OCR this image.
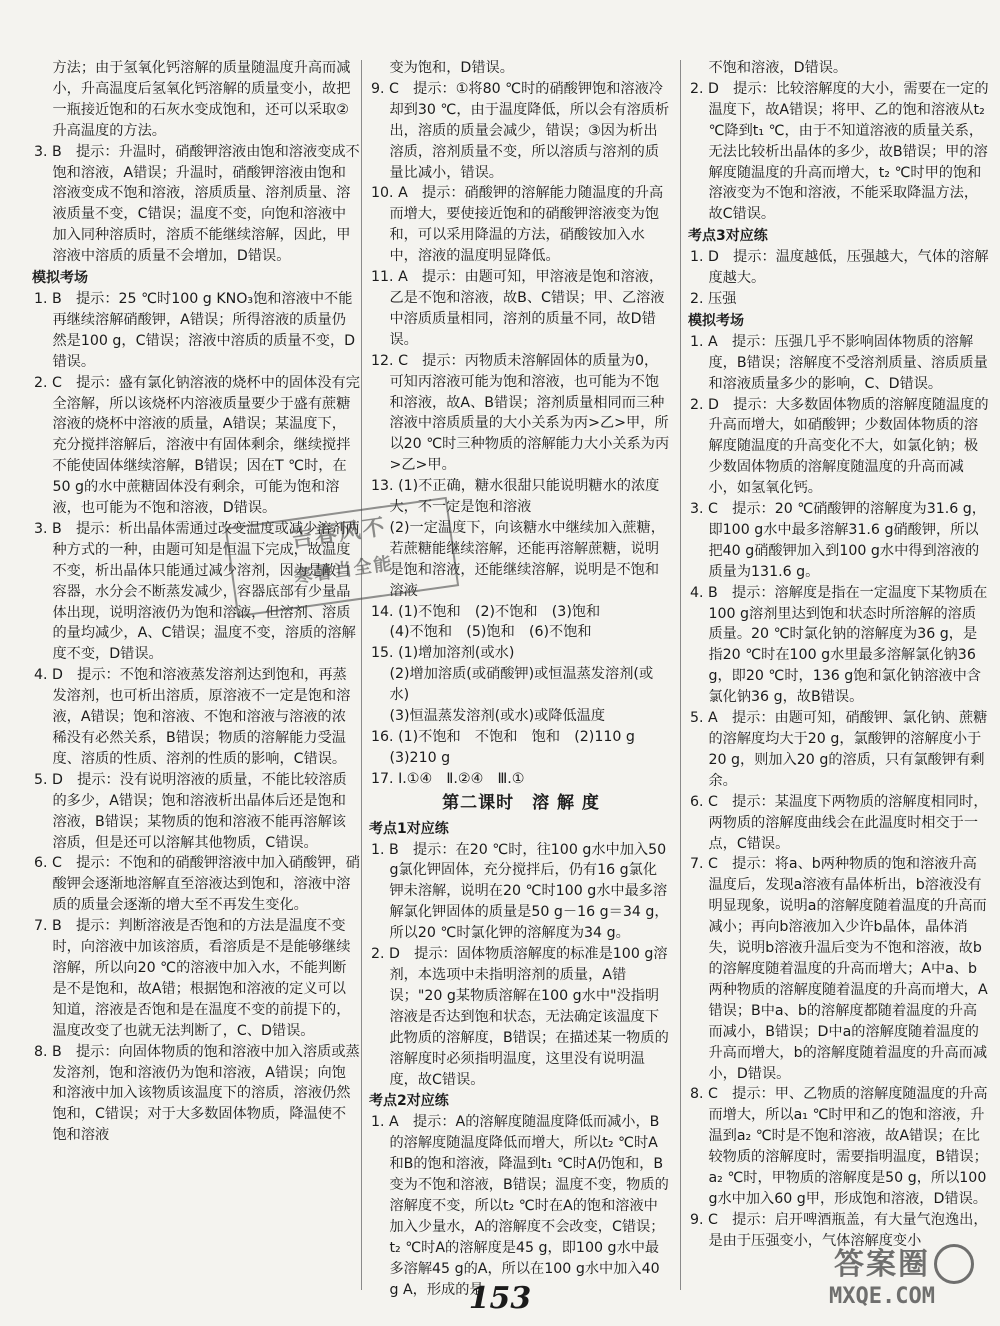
方法；由于氢氧化钙溶解的质量随温度升高而减小，升高温度后氢氧化钙溶解的质量变小，故把一瓶接近饱和的石灰水变成饱和，还可以采取②升高温度的方法。
3. B　提示：升温时，硝酸钾溶液由饱和溶液变成不饱和溶液，A错误；升温时，硝酸钾溶液由饱和溶液变成不饱和溶液，溶质质量、溶剂质量、溶液质量不变，C错误；温度不变，向饱和溶液中加入同种溶质时，溶质不能继续溶解，因此，甲溶液中溶质的质量不会增加，D错误。
模拟考场
1. B　提示：25 ℃时100 g KNO₃饱和溶液中不能再继续溶解硝酸钾，A错误；所得溶液的质量仍然是100 g，C错误；溶液中溶质的质量不变，D错误。
2. C　提示：盛有氯化钠溶液的烧杯中的固体没有完全溶解，所以该烧杯内溶液质量要少于盛有蔗糖溶液的烧杯中溶液的质量，A错误；某温度下，充分搅拌溶解后，溶液中有固体剩余，继续搅拌不能使固体继续溶解，B错误；因在T ℃时，在50 g的水中蔗糖固体没有剩余，可能为饱和溶液，也可能为不饱和溶液，D错误。
3. B　提示：析出晶体需通过改变温度或减少溶剂两种方式的一种，由题可知是恒温下完成，故温度不变，析出晶体只能通过减少溶剂，因为是敞口容器，水分会不断蒸发减少，容器底部有少量晶体出现，说明溶液仍为饱和溶液，但溶剂、溶质的量均减少，A、C错误；温度不变，溶质的溶解度不变，D错误。
4. D　提示：不饱和溶液蒸发溶剂达到饱和，再蒸发溶剂，也可析出溶质，原溶液不一定是饱和溶液，A错误；饱和溶液、不饱和溶液与溶液的浓稀没有必然关系，B错误；物质的溶解能力受温度、溶质的性质、溶剂的性质的影响，C错误。
5. D　提示：没有说明溶液的质量，不能比较溶质的多少，A错误；饱和溶液析出晶体后还是饱和溶液，B错误；某物质的饱和溶液不能再溶解该溶质，但是还可以溶解其他物质，C错误。
6. C　提示：不饱和的硝酸钾溶液中加入硝酸钾，硝酸钾会逐渐地溶解直至溶液达到饱和，溶液中溶质的质量会逐渐的增大至不再发生变化。
7. B　提示：判断溶液是否饱和的方法是温度不变时，向溶液中加该溶质，看溶质是不是能够继续溶解，所以向20 ℃的溶液中加入水，不能判断是不是饱和，故A错；根据饱和溶液的定义可以知道，溶液是否饱和是在温度不变的前提下的，温度改变了也就无法判断了，C、D错误。
8. B　提示：向固体物质的饱和溶液中加入溶质或蒸发溶剂，饱和溶液仍为饱和溶液，A错误；向饱和溶液中加入该物质该温度下的溶质，溶液仍然饱和，C错误；对于大多数固体物质，降温使不饱和溶液
变为饱和，D错误。
9. C　提示：①将80 ℃时的硝酸钾饱和溶液冷却到30 ℃，由于温度降低，所以会有溶质析出，溶质的质量会减少，错误；③因为析出溶质，溶剂质量不变，所以溶质与溶剂的质量比减小，错误。
10. A　提示：硝酸钾的溶解能力随温度的升高而增大，要使接近饱和的硝酸钾溶液变为饱和，可以采用降温的方法，硝酸铵加入水中，溶液的温度明显降低。
11. A　提示：由题可知，甲溶液是饱和溶液，乙是不饱和溶液，故B、C错误；甲、乙溶液中溶质质量相同，溶剂的质量不同，故D错误。
12. C　提示：丙物质未溶解固体的质量为0，可知丙溶液可能为饱和溶液，也可能为不饱和溶液，故A、B错误；溶剂质量相同而三种溶液中溶质质量的大小关系为丙>乙>甲，所以20 ℃时三种物质的溶解能力大小关系为丙>乙>甲。
13. (1)不正确，糖水很甜只能说明糖水的浓度大，不一定是饱和溶液
(2)一定温度下，向该糖水中继续加入蔗糖，若蔗糖能继续溶解，还能再溶解蔗糖，说明是饱和溶液，还能继续溶解，说明是不饱和溶液
14. (1)不饱和　(2)不饱和　(3)饱和
(4)不饱和　(5)饱和　(6)不饱和
15. (1)增加溶剂(或水)
(2)增加溶质(或硝酸钾)或恒温蒸发溶剂(或水)
(3)恒温蒸发溶剂(或水)或降低温度
16. (1)不饱和　不饱和　饱和　(2)110 g
(3)210 g
17. Ⅰ.①④　Ⅱ.②④　Ⅲ.①
第二课时　溶 解 度
考点1对应练
1. B　提示：在20 ℃时，往100 g水中加入50 g氯化钾固体，充分搅拌后，仍有16 g氯化钾未溶解，说明在20 ℃时100 g水中最多溶解氯化钾固体的质量是50 g－16 g＝34 g，所以20 ℃时氯化钾的溶解度为34 g。
2. D　提示：固体物质溶解度的标准是100 g溶剂，本选项中未指明溶剂的质量，A错误；"20 g某物质溶解在100 g水中"没指明溶液是否达到饱和状态，无法确定该温度下此物质的溶解度，B错误；在描述某一物质的溶解度时必须指明温度，这里没有说明温度，故C错误。
考点2对应练
1. A　提示：A的溶解度随温度降低而减小，B的溶解度随温度降低而增大，所以t₂ ℃时A和B的饱和溶液，降温到t₁ ℃时A仍饱和，B变为不饱和溶液，B错误；温度不变，物质的溶解度不变，所以t₂ ℃时在A的饱和溶液中加入少量水，A的溶解度不会改变，C错误；t₂ ℃时A的溶解度是45 g，即100 g水中最多溶解45 g的A，所以在100 g水中加入40 g A，形成的是
不饱和溶液，D错误。
2. D　提示：比较溶解度的大小，需要在一定的温度下，故A错误；将甲、乙的饱和溶液从t₂ ℃降到t₁ ℃，由于不知道溶液的质量关系，无法比较析出晶体的多少，故B错误；甲的溶解度随温度的升高而增大，t₂ ℃时甲的饱和溶液变为不饱和溶液，不能采取降温方法，故C错误。
考点3对应练
1. D　提示：温度越低，压强越大，气体的溶解度越大。
2. 压强
模拟考场
1. A　提示：压强几乎不影响固体物质的溶解度，B错误；溶解度不受溶剂质量、溶质质量和溶液质量多少的影响，C、D错误。
2. D　提示：大多数固体物质的溶解度随温度的升高而增大，如硝酸钾；少数固体物质的溶解度随温度的升高变化不大，如氯化钠；极少数固体物质的溶解度随温度的升高而减小，如氢氧化钙。
3. C　提示：20 ℃硝酸钾的溶解度为31.6 g，即100 g水中最多溶解31.6 g硝酸钾，所以把40 g硝酸钾加入到100 g水中得到溶液的质量为131.6 g。
4. B　提示：溶解度是指在一定温度下某物质在100 g溶剂里达到饱和状态时所溶解的溶质质量。20 ℃时氯化钠的溶解度为36 g，是指20 ℃时在100 g水里最多溶解氯化钠36 g，即20 ℃时，136 g饱和氯化钠溶液中含氯化钠36 g，故B错误。
5. A　提示：由题可知，硝酸钾、氯化钠、蔗糖的溶解度均大于20 g，氯酸钾的溶解度小于20 g，则加入20 g的溶质，只有氯酸钾有剩余。
6. C　提示：某温度下两物质的溶解度相同时，两物质的溶解度曲线会在此温度时相交于一点，C错误。
7. C　提示：将a、b两种物质的饱和溶液升高温度后，发现a溶液有晶体析出，b溶液没有明显现象，说明a的溶解度随着温度的升高而减小；再向b溶液加入少许b晶体，晶体消失，说明b溶液升温后变为不饱和溶液，故b的溶解度随着温度的升高而增大；A中a、b两种物质的溶解度随着温度的升高而增大，A错误；B中a、b的溶解度都随着温度的升高而减小，B错误；D中a的溶解度随着温度的升高而增大，b的溶解度随着温度的升高而减小，D错误。
8. C　提示：甲、乙物质的溶解度随温度的升高而增大，所以a₁ ℃时甲和乙的饱和溶液，升温到a₂ ℃时是不饱和溶液，故A错误；在比较物质的溶解度时，需要指明温度，B错误；a₂ ℃时，甲物质的溶解度是50 g，所以100 g水中加入60 g甲，形成饱和溶液，D错误。
9. C　提示：启开啤酒瓶盖，有大量气泡逸出，是由于压强变小，气体溶解度变小
吉春风不
寒暑当全能
153
答案圈
MXQE.COM
